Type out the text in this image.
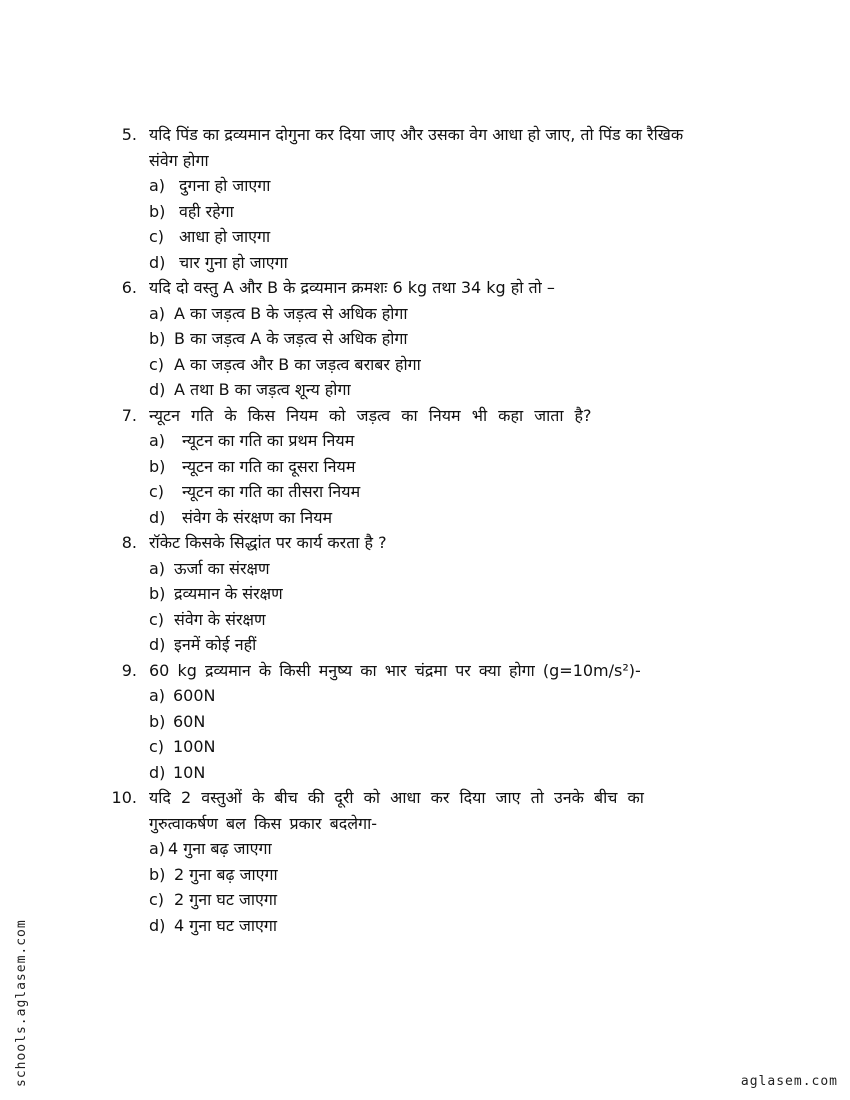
5. यदि पिंड का द्रव्यमान दोगुना कर दिया जाए और उसका वेग आधा हो जाए, तो पिंड का रैखिक
संवेग होगा
a) दुगना हो जाएगा
b) वही रहेगा
c) आधा हो जाएगा
d) चार गुना हो जाएगा
6. यदि दो वस्तु A और B के द्रव्यमान क्रमशः 6 kg तथा 34 kg हो तो –
a) A का जड़त्व B के जड़त्व से अधिक होगा
b) B का जड़त्व A के जड़त्व से अधिक होगा
c) A का जड़त्व और B का जड़त्व बराबर होगा
d) A तथा B का जड़त्व शून्य होगा
7. न्यूटन गति के किस नियम को जड़त्व का नियम भी कहा जाता है?
a) न्यूटन का गति का प्रथम नियम
b) न्यूटन का गति का दूसरा नियम
c) न्यूटन का गति का तीसरा नियम
d) संवेग के संरक्षण का नियम
8. रॉकेट किसके सिद्धांत पर कार्य करता है ?
a) ऊर्जा का संरक्षण
b) द्रव्यमान के संरक्षण
c) संवेग के संरक्षण
d) इनमें कोई नहीं
9. 60 kg द्रव्यमान के किसी मनुष्य का भार चंद्रमा पर क्या होगा (g=10m/s²)-
a) 600N
b) 60N
c) 100N
d) 10N
10. यदि 2 वस्तुओं के बीच की दूरी को आधा कर दिया जाए तो उनके बीच का
गुरुत्वाकर्षण बल किस प्रकार बदलेगा-
a) 4 गुना बढ़ जाएगा
b) 2 गुना बढ़ जाएगा
c) 2 गुना घट जाएगा
d) 4 गुना घट जाएगा
schools.aglasem.com	aglasem.com
